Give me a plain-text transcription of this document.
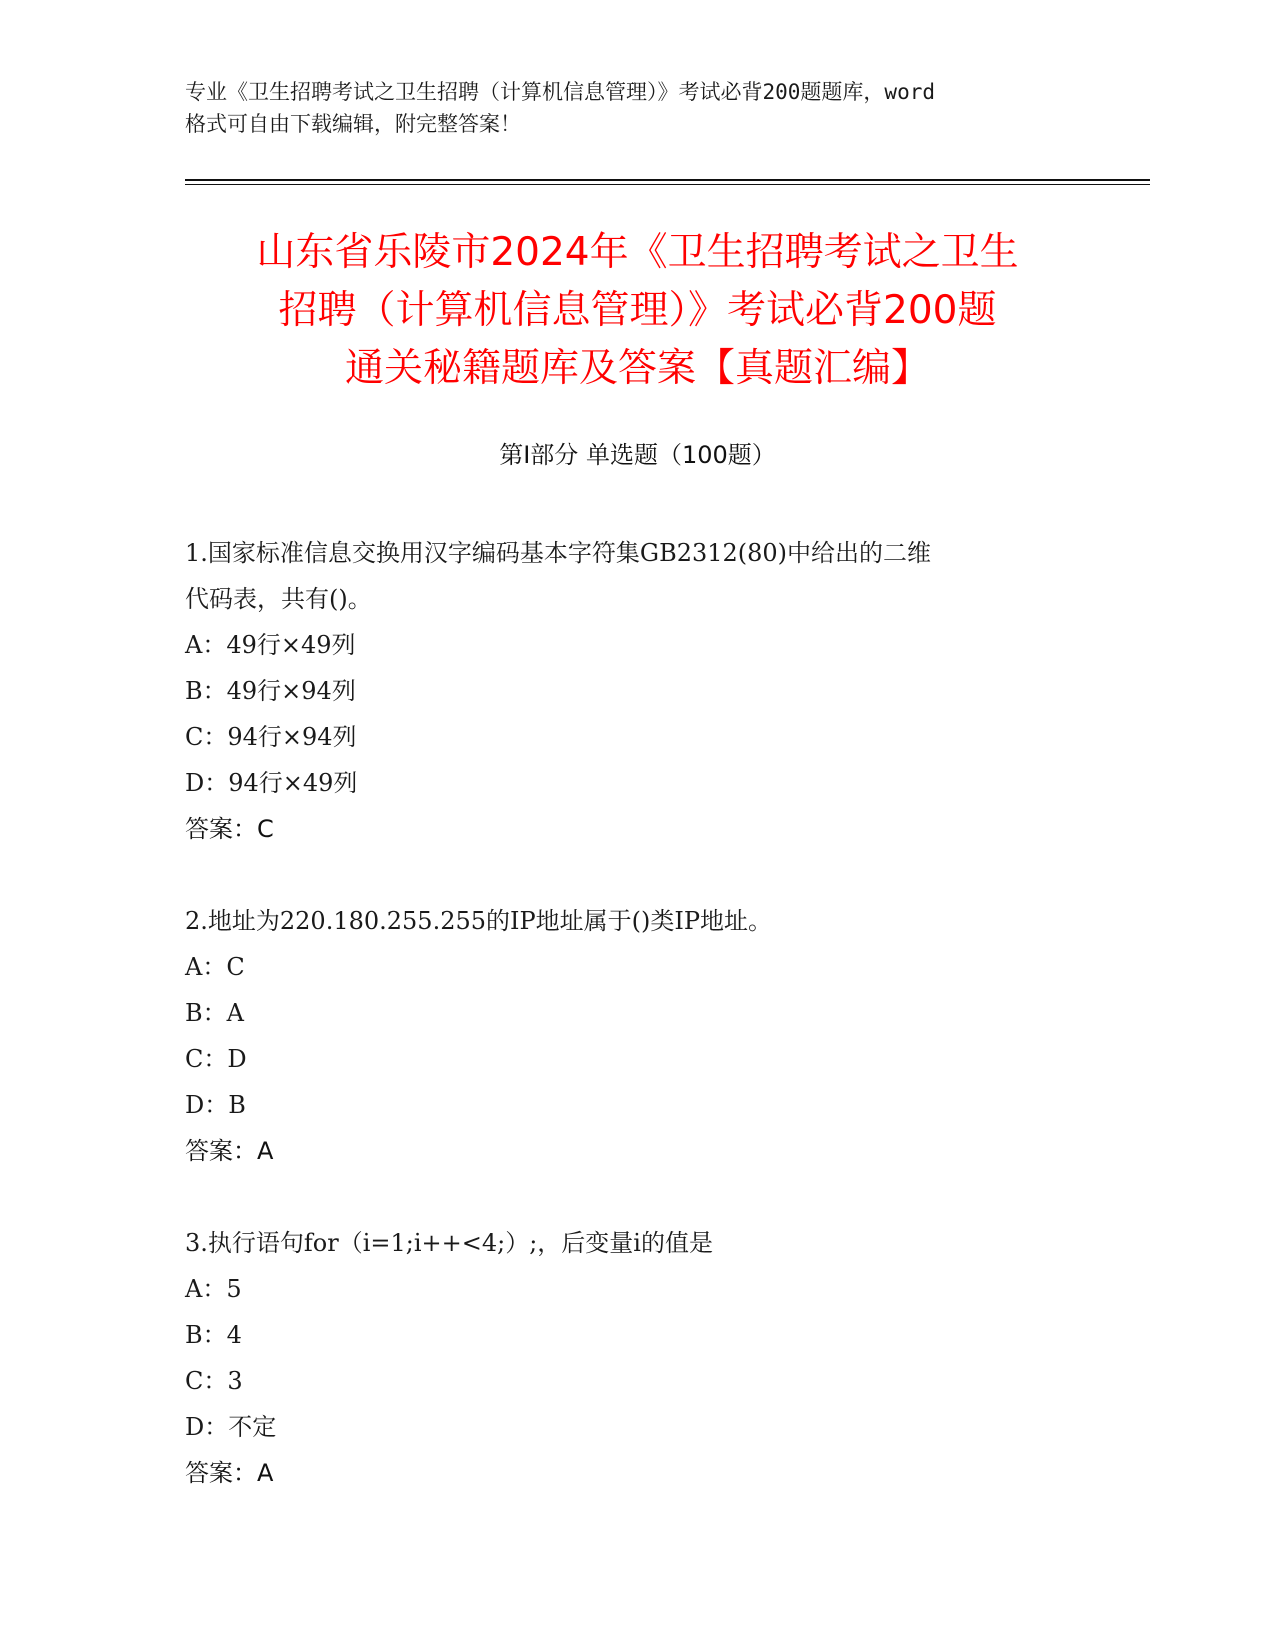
专业《卫生招聘考试之卫生招聘（计算机信息管理）》考试必背200题题库，word
格式可自由下载编辑，附完整答案！
山东省乐陵市2024年《卫生招聘考试之卫生
招聘（计算机信息管理）》考试必背200题
通关秘籍题库及答案【真题汇编】
第Ⅰ部分 单选题（100题）
1.国家标准信息交换用汉字编码基本字符集GB2312(80)中给出的二维
代码表，共有()。
A：49行×49列
B：49行×94列
C：94行×94列
D：94行×49列
答案：C
2.地址为220.180.255.255的IP地址属于()类IP地址。
A：C
B：A
C：D
D：B
答案：A
3.执行语句for（i=1;i++<4;）;，后变量i的值是
A：5
B：4
C：3
D：不定
答案：A
